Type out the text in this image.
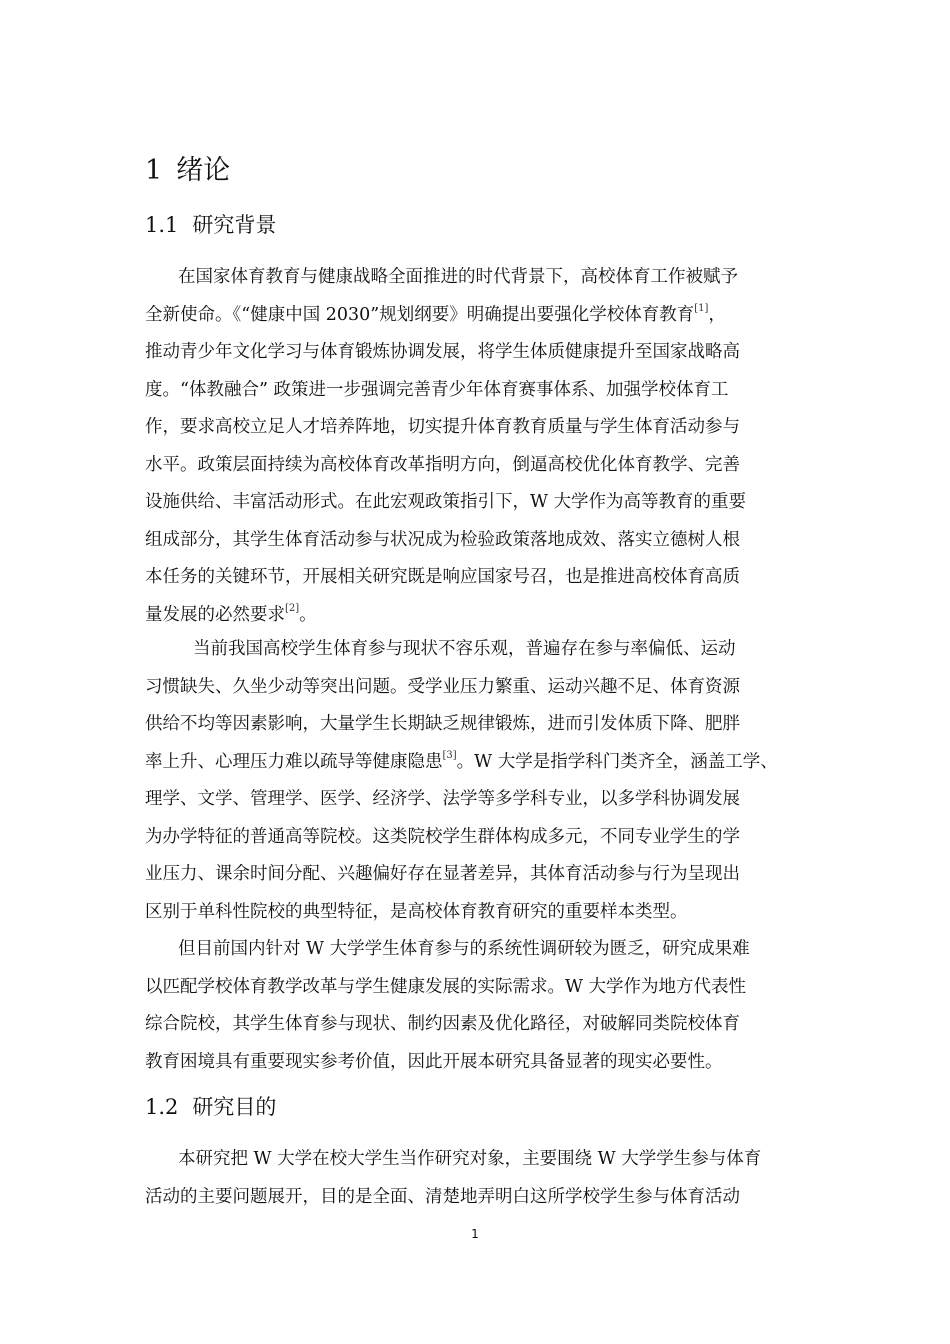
1 绪论
1.1 研究背景
在国家体育教育与健康战略全面推进的时代背景下，高校体育工作被赋予
全新使命。《“健康中国 2030”规划纲要》明确提出要强化学校体育教育[1]，
推动青少年文化学习与体育锻炼协调发展，将学生体质健康提升至国家战略高
度。“体教融合” 政策进一步强调完善青少年体育赛事体系、加强学校体育工
作，要求高校立足人才培养阵地，切实提升体育教育质量与学生体育活动参与
水平。政策层面持续为高校体育改革指明方向，倒逼高校优化体育教学、完善
设施供给、丰富活动形式。在此宏观政策指引下，W 大学作为高等教育的重要
组成部分，其学生体育活动参与状况成为检验政策落地成效、落实立德树人根
本任务的关键环节，开展相关研究既是响应国家号召，也是推进高校体育高质
量发展的必然要求[2]。
当前我国高校学生体育参与现状不容乐观，普遍存在参与率偏低、运动
习惯缺失、久坐少动等突出问题。受学业压力繁重、运动兴趣不足、体育资源
供给不均等因素影响，大量学生长期缺乏规律锻炼，进而引发体质下降、肥胖
率上升、心理压力难以疏导等健康隐患[3]。W 大学是指学科门类齐全，涵盖工学、
理学、文学、管理学、医学、经济学、法学等多学科专业，以多学科协调发展
为办学特征的普通高等院校。这类院校学生群体构成多元，不同专业学生的学
业压力、课余时间分配、兴趣偏好存在显著差异，其体育活动参与行为呈现出
区别于单科性院校的典型特征，是高校体育教育研究的重要样本类型。
但目前国内针对 W 大学学生体育参与的系统性调研较为匮乏，研究成果难
以匹配学校体育教学改革与学生健康发展的实际需求。W 大学作为地方代表性
综合院校，其学生体育参与现状、制约因素及优化路径，对破解同类院校体育
教育困境具有重要现实参考价值，因此开展本研究具备显著的现实必要性。
1.2 研究目的
本研究把 W 大学在校大学生当作研究对象，主要围绕 W 大学学生参与体育
活动的主要问题展开，目的是全面、清楚地弄明白这所学校学生参与体育活动
1
